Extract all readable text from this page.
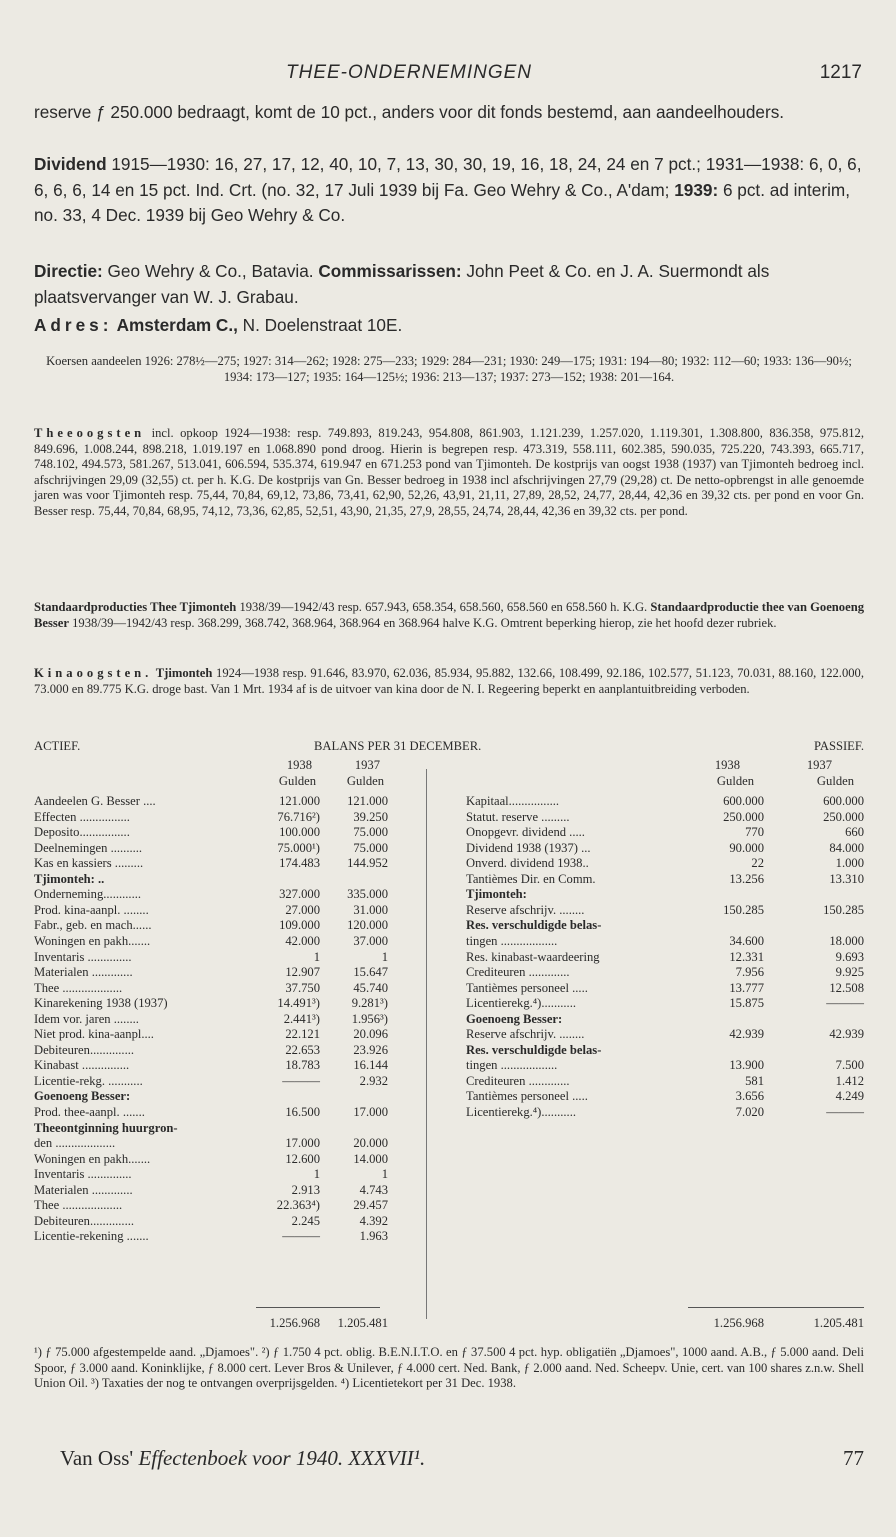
THEE-ONDERNEMINGEN	1217
reserve ƒ 250.000 bedraagt, komt de 10 pct., anders voor dit fonds bestemd, aan aandeelhouders.
Dividend 1915—1930: 16, 27, 17, 12, 40, 10, 7, 13, 30, 30, 19, 16, 18, 24, 24 en 7 pct.; 1931—1938: 6, 0, 6, 6, 6, 6, 14 en 15 pct. Ind. Crt. (no. 32, 17 Juli 1939 bij Fa. Geo Wehry & Co., A'dam; 1939: 6 pct. ad interim, no. 33, 4 Dec. 1939 bij Geo Wehry & Co.
Directie: Geo Wehry & Co., Batavia. Commissarissen: John Peet & Co. en J. A. Suermondt als plaatsvervanger van W. J. Grabau.
Adres: Amsterdam C., N. Doelenstraat 10E.
Koersen aandeelen 1926: 278½—275; 1927: 314—262; 1928: 275—233; 1929: 284—231; 1930: 249—175; 1931: 194—80; 1932: 112—60; 1933: 136—90½; 1934: 173—127; 1935: 164—125½; 1936: 213—137; 1937: 273—152; 1938: 201—164.
Theeoogsten incl. opkoop 1924—1938: resp. 749.893, 819.243, 954.808, 861.903, 1.121.239, 1.257.020, 1.119.301, 1.308.800, 836.358, 975.812, 849.696, 1.008.244, 898.218, 1.019.197 en 1.068.890 pond droog. Hierin is begrepen resp. 473.319, 558.111, 602.385, 590.035, 725.220, 743.393, 665.717, 748.102, 494.573, 581.267, 513.041, 606.594, 535.374, 619.947 en 671.253 pond van Tjimonteh. De kostprijs van oogst 1938 (1937) van Tjimonteh bedroeg incl. afschrijvingen 29,09 (32,55) ct. per h. K.G. De kostprijs van Gn. Besser bedroeg in 1938 incl afschrijvingen 27,79 (29,28) ct. De netto-opbrengst in alle genoemde jaren was voor Tjimonteh resp. 75,44, 70,84, 69,12, 73,86, 73,41, 62,90, 52,26, 43,91, 21,11, 27,89, 28,52, 24,77, 28,44, 42,36 en 39,32 cts. per pond en voor Gn. Besser resp. 75,44, 70,84, 68,95, 74,12, 73,36, 62,85, 52,51, 43,90, 21,35, 27,9, 28,55, 24,74, 28,44, 42,36 en 39,32 cts. per pond.
Standaardproducties Thee Tjimonteh 1938/39—1942/43 resp. 657.943, 658.354, 658.560, 658.560 en 658.560 h. K.G. Standaardproductie thee van Goenoeng Besser 1938/39—1942/43 resp. 368.299, 368.742, 368.964, 368.964 en 368.964 halve K.G. Omtrent beperking hierop, zie het hoofd dezer rubriek.
Kinaoogsten. Tjimonteh 1924—1938 resp. 91.646, 83.970, 62.036, 85.934, 95.882, 132.66, 108.499, 92.186, 102.577, 51.123, 70.031, 88.160, 122.000, 73.000 en 89.775 K.G. droge bast. Van 1 Mrt. 1934 af is de uitvoer van kina door de N. I. Regeering beperkt en aanplantuitbreiding verboden.
ACTIEF.	BALANS PER 31 DECEMBER.	PASSIEF.
1938	1937
Gulden	Gulden
1938	1937
Gulden	Gulden
Aandeelen G. Besser ....	121.000	121.000
Effecten ................	76.716²)	39.250
Deposito................	100.000	75.000
Deelnemingen ..........	75.000¹)	75.000
Kas en kassiers .........	174.483	144.952
Tjimonteh: ..
Onderneming............	327.000	335.000
Prod. kina-aanpl. ........	27.000	31.000
Fabr., geb. en mach......	109.000	120.000
Woningen en pakh.......	42.000	37.000
Inventaris ..............	1	1
Materialen .............	12.907	15.647
Thee ...................	37.750	45.740
Kinarekening 1938 (1937)	14.491³)	9.281³)
Idem vor. jaren ........	2.441³)	1.956³)
Niet prod. kina-aanpl....	22.121	20.096
Debiteuren..............	22.653	23.926
Kinabast ...............	18.783	16.144
Licentie-rekg. ...........	———	2.932
Goenoeng Besser:
Prod. thee-aanpl. .......	16.500	17.000
Theeontginning huurgron-
den ...................	17.000	20.000
Woningen en pakh.......	12.600	14.000
Inventaris ..............	1	1
Materialen .............	2.913	4.743
Thee ...................	22.363⁴)	29.457
Debiteuren..............	2.245	4.392
Licentie-rekening .......	———	1.963
Kapitaal................	600.000	600.000
Statut. reserve .........	250.000	250.000
Onopgevr. dividend .....	770	660
Dividend 1938 (1937) ...	90.000	84.000
Onverd. dividend 1938..	22	1.000
Tantièmes Dir. en Comm.	13.256	13.310
Tjimonteh:
Reserve afschrijv. ........	150.285	150.285
Res. verschuldigde belas-
tingen ..................	34.600	18.000
Res. kinabast-waardeering	12.331	9.693
Crediteuren .............	7.956	9.925
Tantièmes personeel .....	13.777	12.508
Licentierekg.⁴)...........	15.875	———
Goenoeng Besser:
Reserve afschrijv. ........	42.939	42.939
Res. verschuldigde belas-
tingen ..................	13.900	7.500
Crediteuren .............	581	1.412
Tantièmes personeel .....	3.656	4.249
Licentierekg.⁴)...........	7.020	———
1.256.968	1.205.481	1.256.968	1.205.481
¹) ƒ 75.000 afgestempelde aand. „Djamoes". ²) ƒ 1.750 4 pct. oblig. B.E.N.I.T.O. en ƒ 37.500 4 pct. hyp. obligatiën „Djamoes", 1000 aand. A.B., ƒ 5.000 aand. Deli Spoor, ƒ 3.000 aand. Koninklijke, ƒ 8.000 cert. Lever Bros & Unilever, ƒ 4.000 cert. Ned. Bank, ƒ 2.000 aand. Ned. Scheepv. Unie, cert. van 100 shares z.n.w. Shell Union Oil. ³) Taxaties der nog te ontvangen overprijsgelden. ⁴) Licentietekort per 31 Dec. 1938.
Van Oss' Effectenboek voor 1940. XXXVII¹.	77
